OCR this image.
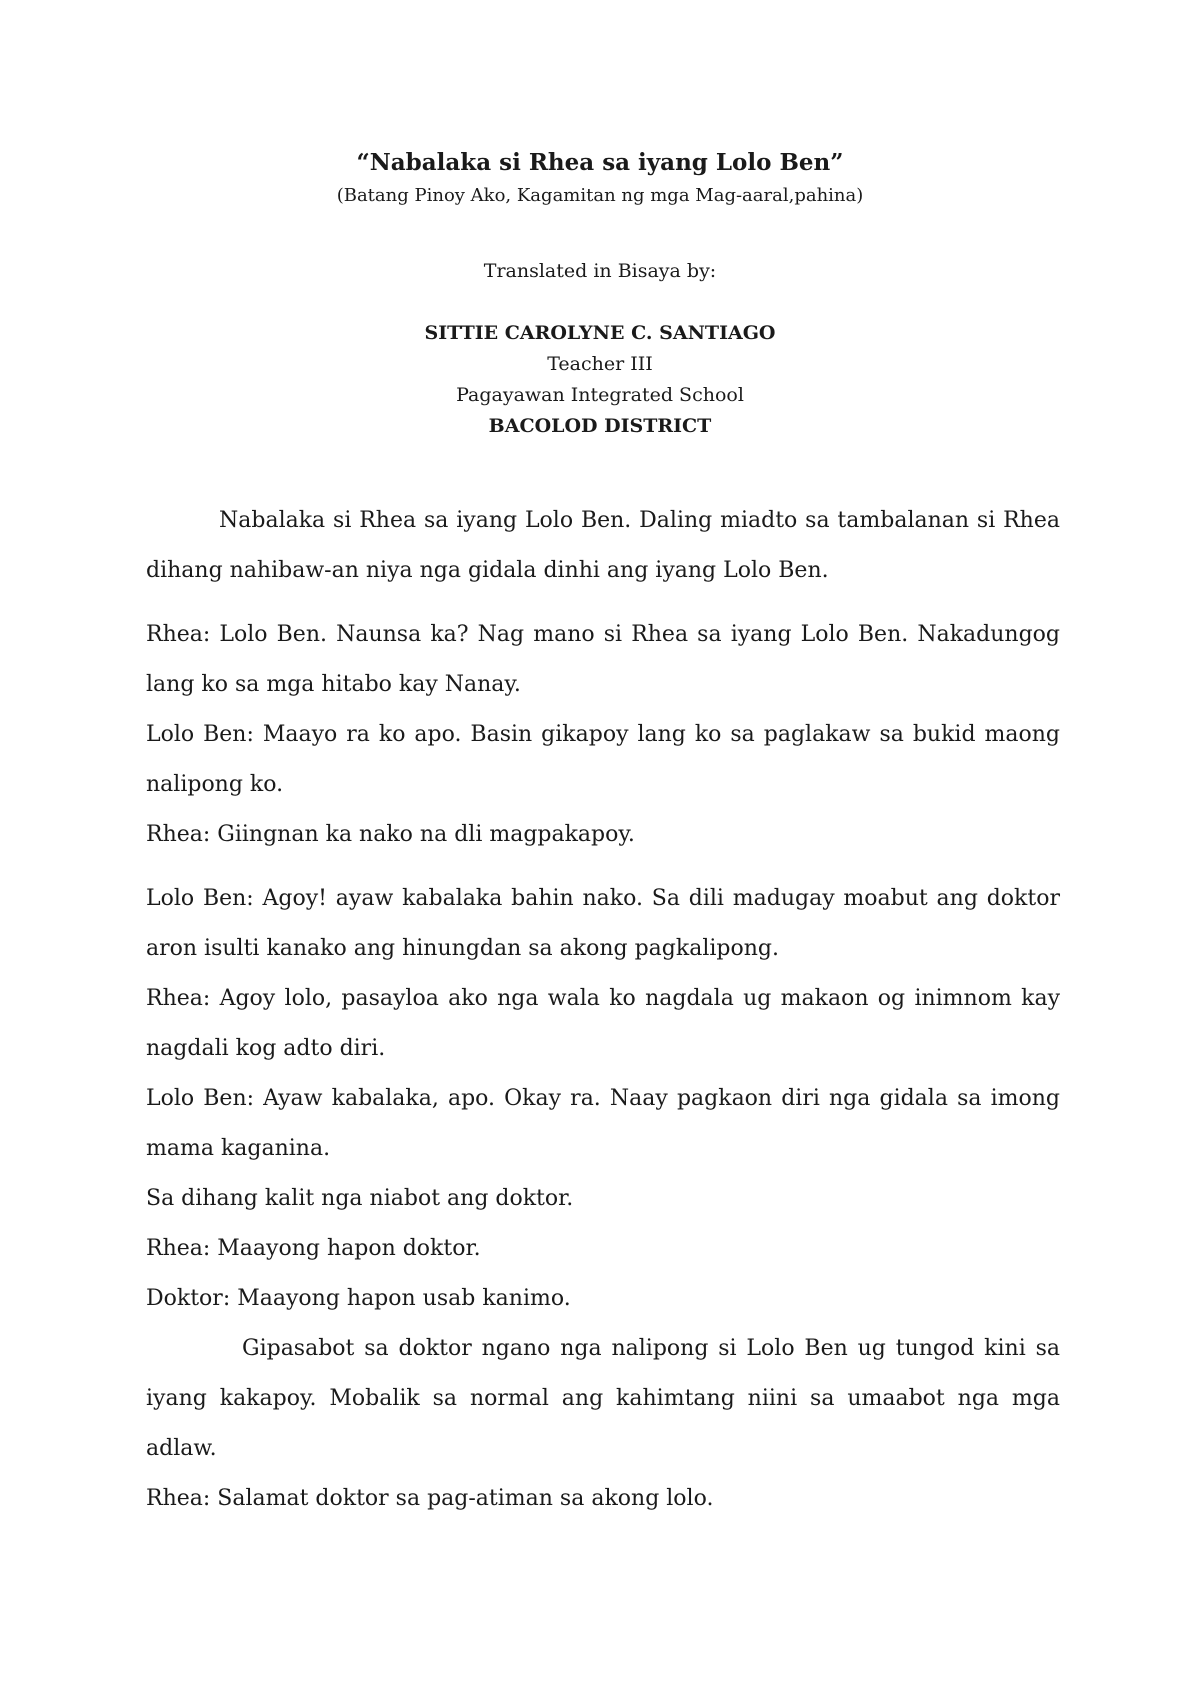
“Nabalaka si Rhea sa iyang Lolo Ben”
(Batang Pinoy Ako, Kagamitan ng mga Mag-aaral,pahina)
Translated in Bisaya by:
SITTIE CAROLYNE C. SANTIAGO
Teacher III
Pagayawan Integrated School
BACOLOD DISTRICT

Nabalaka si Rhea sa iyang Lolo Ben. Daling miadto sa tambalanan si Rhea dihang nahibaw-an niya nga gidala dinhi ang iyang Lolo Ben.

Rhea: Lolo Ben. Naunsa ka? Nag mano si Rhea sa iyang Lolo Ben. Nakadungog lang ko sa mga hitabo kay Nanay.

Lolo Ben: Maayo ra ko apo. Basin gikapoy lang ko sa paglakaw sa bukid maong nalipong ko.

Rhea: Giingnan ka nako na dli magpakapoy.

Lolo Ben: Agoy! ayaw kabalaka bahin nako. Sa dili madugay moabut ang doktor aron isulti kanako ang hinungdan sa akong pagkalipong.

Rhea: Agoy lolo, pasayloa ako nga wala ko nagdala ug makaon og inimnom kay nagdali kog adto diri.

Lolo Ben: Ayaw kabalaka, apo. Okay ra. Naay pagkaon diri nga gidala sa imong mama kaganina.

Sa dihang kalit nga niabot ang doktor.

Rhea: Maayong hapon doktor.

Doktor: Maayong hapon usab kanimo.

Gipasabot sa doktor ngano nga nalipong si Lolo Ben ug tungod kini sa iyang kakapoy. Mobalik sa normal ang kahimtang niini sa umaabot nga mga adlaw.

Rhea: Salamat doktor sa pag-atiman sa akong lolo.
